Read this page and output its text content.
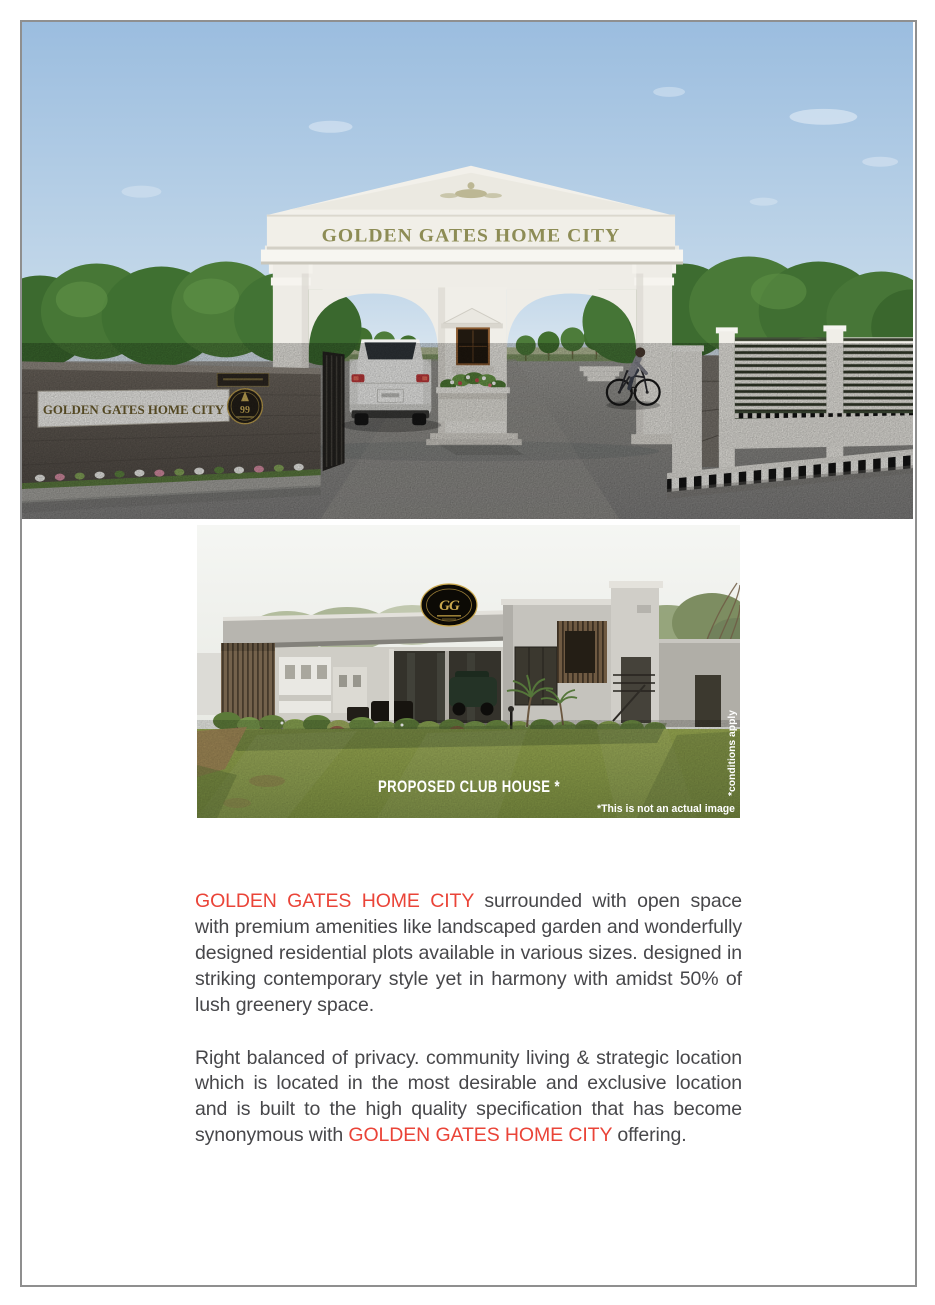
GOLDEN GATES HOME CITY
GOLDEN GATES HOME CITY 99
GG
PROPOSED CLUB HOUSE *
*This is not an actual image
*conditions apply

GOLDEN GATES HOME CITY surrounded with open space with premium amenities like landscaped garden and wonderfully designed residential plots available in various sizes. designed in striking contemporary style yet in harmony with amidst 50% of lush greenery space.

Right balanced of privacy. community living & strategic location which is located in the most desirable and exclusive location and is built to the high quality specification that has become synonymous with GOLDEN GATES HOME CITY offering.
